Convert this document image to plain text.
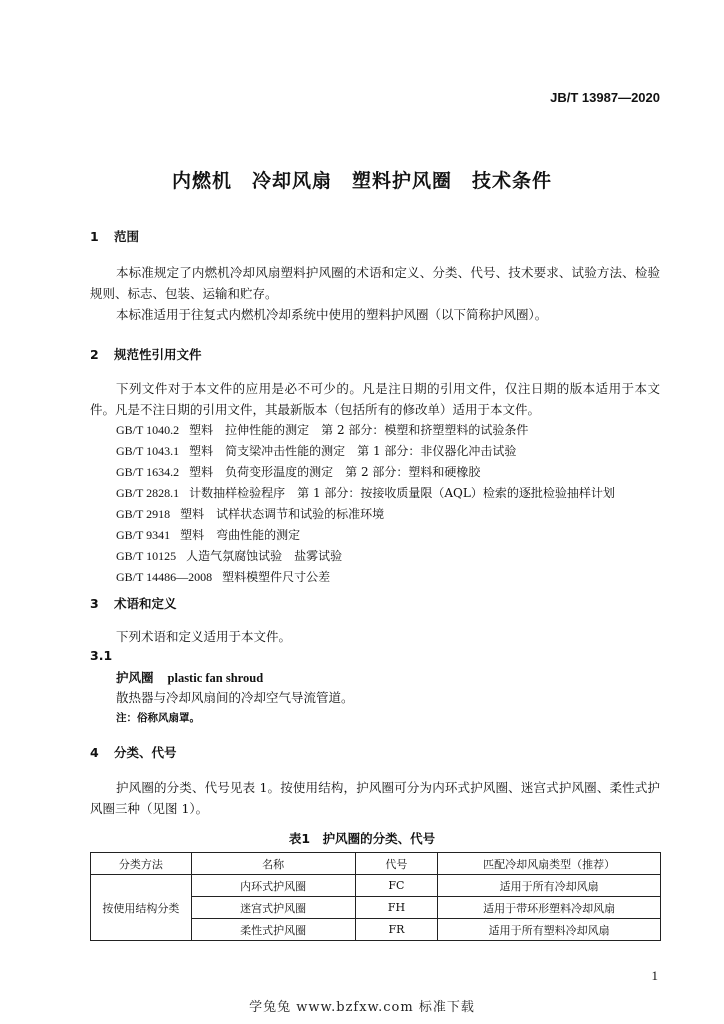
JB/T 13987—2020
内燃机　冷却风扇　塑料护风圈　技术条件
1 范围
本标准规定了内燃机冷却风扇塑料护风圈的术语和定义、分类、代号、技术要求、试验方法、检验规则、标志、包装、运输和贮存。
本标准适用于往复式内燃机冷却系统中使用的塑料护风圈（以下简称护风圈）。
2 规范性引用文件
下列文件对于本文件的应用是必不可少的。凡是注日期的引用文件，仅注日期的版本适用于本文件。凡是不注日期的引用文件，其最新版本（包括所有的修改单）适用于本文件。
GB/T 1040.2 塑料　拉伸性能的测定　第 2 部分：模塑和挤塑塑料的试验条件
GB/T 1043.1 塑料　简支梁冲击性能的测定　第 1 部分：非仪器化冲击试验
GB/T 1634.2 塑料　负荷变形温度的测定　第 2 部分：塑料和硬橡胶
GB/T 2828.1 计数抽样检验程序　第 1 部分：按接收质量限（AQL）检索的逐批检验抽样计划
GB/T 2918 塑料　试样状态调节和试验的标准环境
GB/T 9341 塑料　弯曲性能的测定
GB/T 10125 人造气氛腐蚀试验　盐雾试验
GB/T 14486—2008 塑料模塑件尺寸公差
3 术语和定义
下列术语和定义适用于本文件。
3.1
护风圈 plastic fan shroud
散热器与冷却风扇间的冷却空气导流管道。
注：俗称风扇罩。
4 分类、代号
护风圈的分类、代号见表 1。按使用结构，护风圈可分为内环式护风圈、迷宫式护风圈、柔性式护风圈三种（见图 1）。
表1　护风圈的分类、代号
分类方法	名称	代号	匹配冷却风扇类型（推荐）
按使用结构分类	内环式护风圈	FC	适用于所有冷却风扇
	迷宫式护风圈	FH	适用于带环形塑料冷却风扇
	柔性式护风圈	FR	适用于所有塑料冷却风扇
1
学兔兔 www.bzfxw.com 标准下载
